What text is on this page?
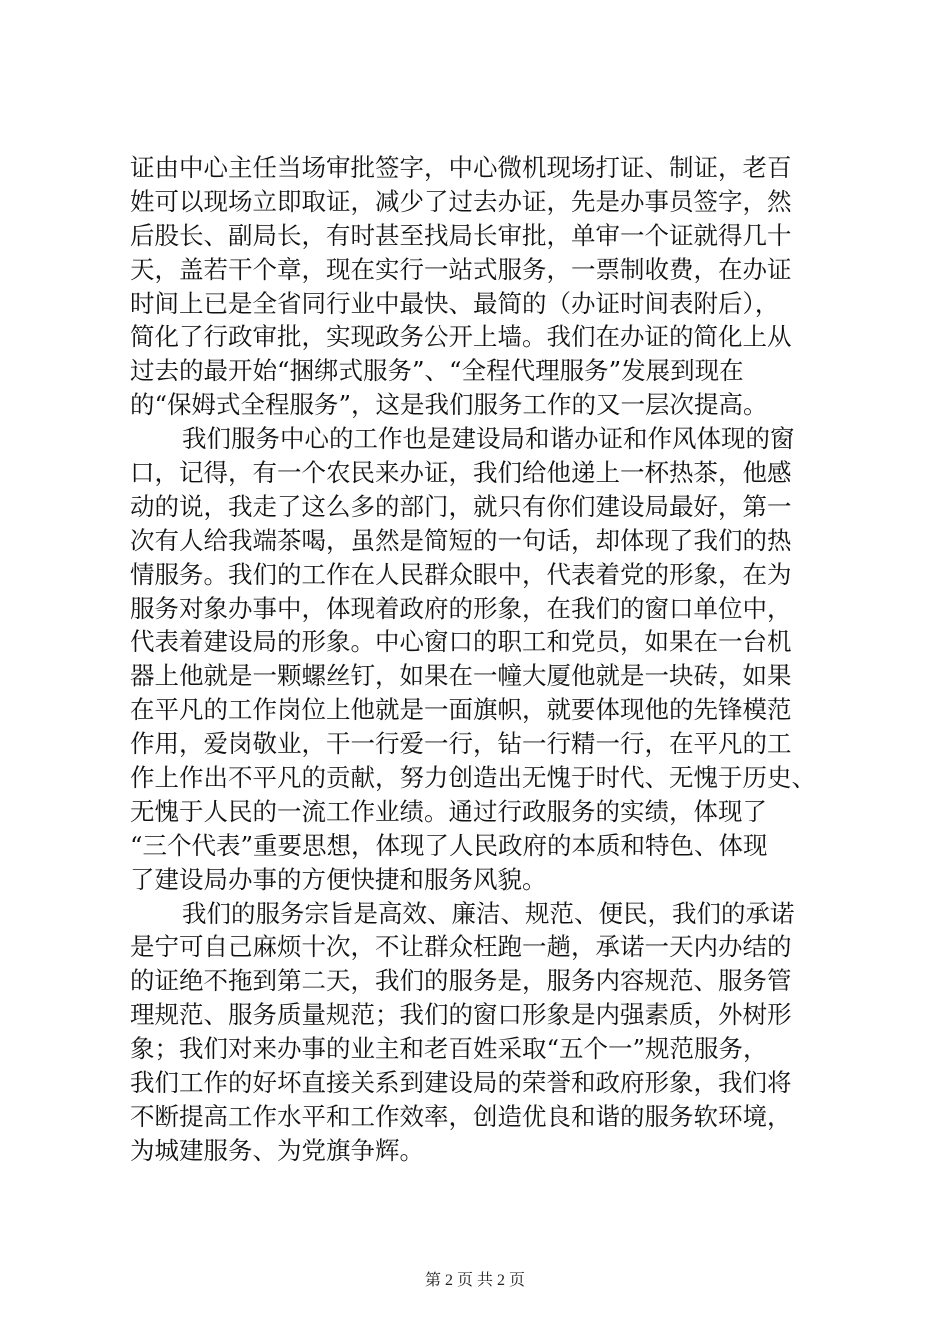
证由中心主任当场审批签字，中心微机现场打证、制证，老百
姓可以现场立即取证，减少了过去办证，先是办事员签字，然
后股长、副局长，有时甚至找局长审批，单审一个证就得几十
天，盖若干个章，现在实行一站式服务，一票制收费，在办证
时间上已是全省同行业中最快、最简的（办证时间表附后），
简化了行政审批，实现政务公开上墙。我们在办证的简化上从
过去的最开始“捆绑式服务”、“全程代理服务”发展到现在
的“保姆式全程服务”，这是我们服务工作的又一层次提高。
我们服务中心的工作也是建设局和谐办证和作风体现的窗
口，记得，有一个农民来办证，我们给他递上一杯热茶，他感
动的说，我走了这么多的部门，就只有你们建设局最好，第一
次有人给我端茶喝，虽然是简短的一句话，却体现了我们的热
情服务。我们的工作在人民群众眼中，代表着党的形象，在为
服务对象办事中，体现着政府的形象，在我们的窗口单位中，
代表着建设局的形象。中心窗口的职工和党员，如果在一台机
器上他就是一颗螺丝钉，如果在一幢大厦他就是一块砖，如果
在平凡的工作岗位上他就是一面旗帜，就要体现他的先锋模范
作用，爱岗敬业，干一行爱一行，钻一行精一行，在平凡的工
作上作出不平凡的贡献，努力创造出无愧于时代、无愧于历史、
无愧于人民的一流工作业绩。通过行政服务的实绩，体现了
“三个代表”重要思想，体现了人民政府的本质和特色、体现
了建设局办事的方便快捷和服务风貌。
我们的服务宗旨是高效、廉洁、规范、便民，我们的承诺
是宁可自己麻烦十次，不让群众枉跑一趟，承诺一天内办结的
的证绝不拖到第二天，我们的服务是，服务内容规范、服务管
理规范、服务质量规范；我们的窗口形象是内强素质，外树形
象；我们对来办事的业主和老百姓采取“五个一”规范服务，
我们工作的好坏直接关系到建设局的荣誉和政府形象，我们将
不断提高工作水平和工作效率，创造优良和谐的服务软环境，
为城建服务、为党旗争辉。
第 2 页 共 2 页
